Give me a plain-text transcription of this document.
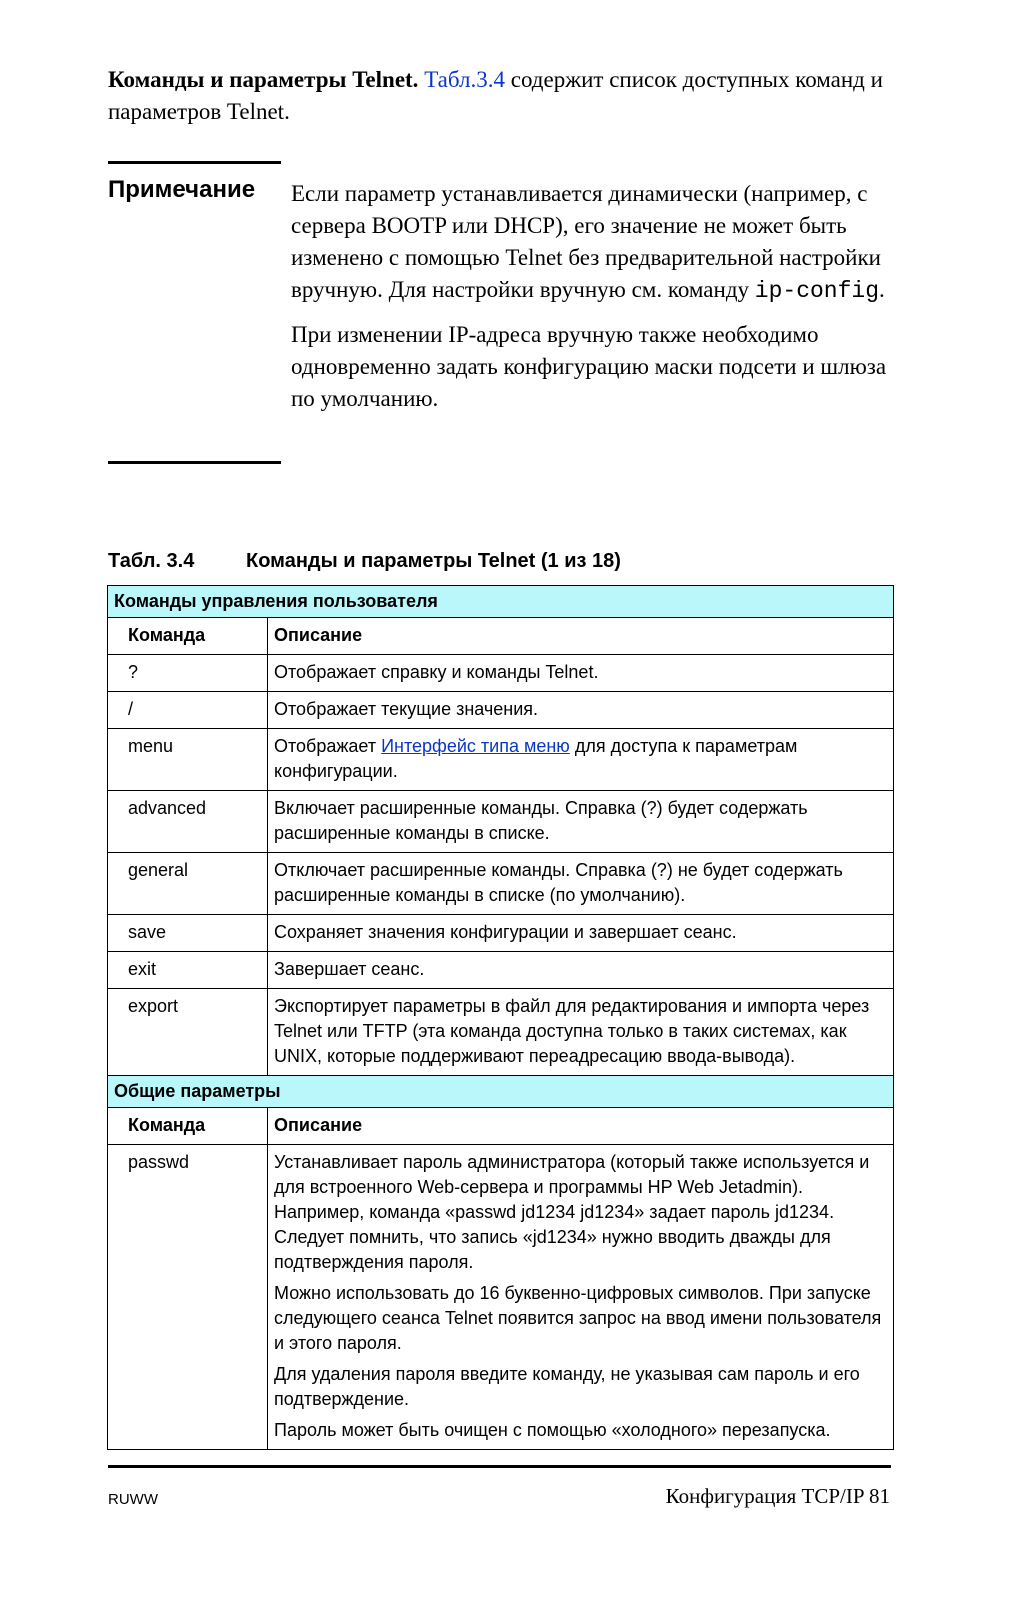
Команды и параметры Telnet. Табл.3.4 содержит список доступных команд и параметров Telnet.
Примечание Если параметр устанавливается динамически (например, с сервера BOOTP или DHCP), его значение не может быть изменено с помощью Telnet без предварительной настройки вручную. Для настройки вручную см. команду ip-config.

При изменении IP-адреса вручную также необходимо одновременно задать конфигурацию маски подсети и шлюза по умолчанию.

Табл. 3.4	Команды и параметры Telnet (1 из 18)
Команды управления пользователя	
Команда	Описание
?	Отображает справку и команды Telnet.
/	Отображает текущие значения.
menu	Отображает Интерфейс типа меню для доступа к параметрам конфигурации.
advanced	Включает расширенные команды. Справка (?) будет содержать расширенные команды в списке.
general	Отключает расширенные команды. Справка (?) не будет содержать расширенные команды в списке (по умолчанию).
save	Сохраняет значения конфигурации и завершает сеанс.
exit	Завершает сеанс.
export	Экспортирует параметры в файл для редактирования и импорта через Telnet или TFTP (эта команда доступна только в таких системах, как UNIX, которые поддерживают переадресацию ввода-вывода).
Общие параметры	
Команда	Описание
passwd	Устанавливает пароль администратора (который также используется и для встроенного Web-сервера и программы HP Web Jetadmin). Например, команда «passwd jd1234 jd1234» задает пароль jd1234. Следует помнить, что запись «jd1234» нужно вводить дважды для подтверждения пароля.
Можно использовать до 16 буквенно-цифровых символов. При запуске следующего сеанса Telnet появится запрос на ввод имени пользователя и этого пароля.
Для удаления пароля введите команду, не указывая сам пароль и его подтверждение.
Пароль может быть очищен с помощью «холодного» перезапуска.
RUWW	Конфигурация TCP/IP 81
